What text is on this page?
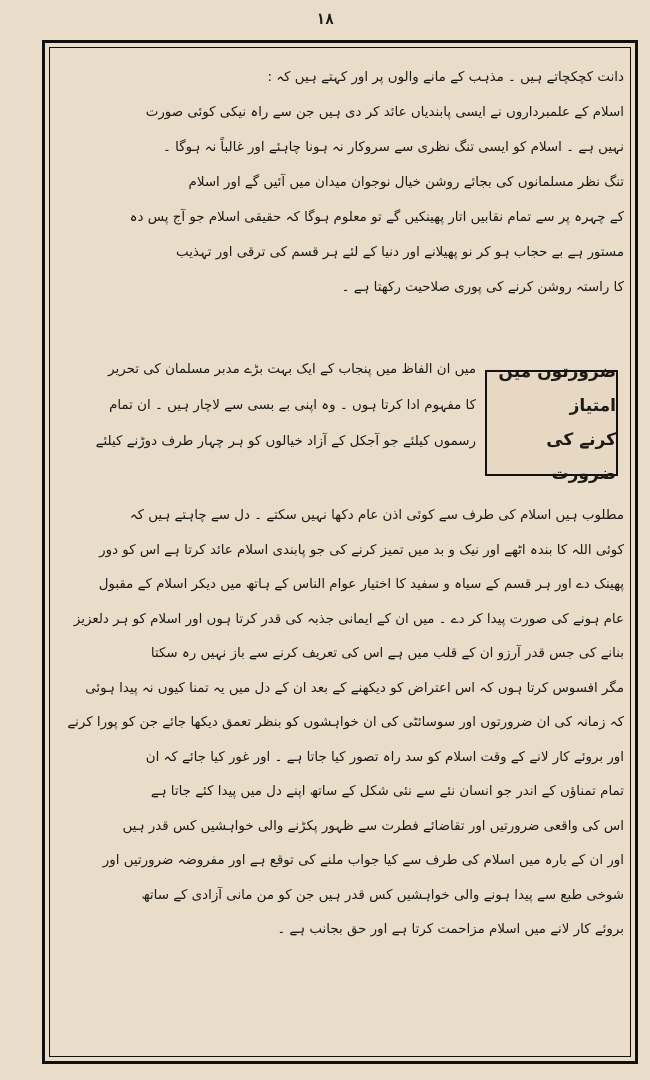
۱۸
دانت کچکچاتے ہیں ۔ مذہب کے مانے والوں پر اور کہتے ہیں کہ :
اسلام کے علمبرداروں نے ایسی پابندیاں عائد کر دی ہیں جن سے راہ نیکی کوئی صورت
نہیں ہے ۔ اسلام کو ایسی تنگ نظری سے سروکار نہ ہونا چاہئے اور غالباً نہ ہوگا ۔
تنگ نظر مسلمانوں کی بجائے روشن خیال نوجوان میدان میں آئیں گے اور اسلام
کے چہرہ پر سے تمام نقابیں اتار پھینکیں گے تو معلوم ہوگا کہ حقیقی اسلام جو آج پس دہ
مستور ہے بے حجاب ہو کر نو پھیلانے اور دنیا کے لئے ہر قسم کی ترقی اور تہذیب
کا راستہ روشن کرنے کی پوری صلاحیت رکھتا ہے ۔
ضرورتوں میں امتیاز
کرنے کی ضرورت
میں ان الفاظ میں پنجاب کے ایک بہت بڑے مدبر مسلمان کی تحریر
کا مفہوم ادا کرتا ہوں ۔ وہ اپنی بے بسی سے لاچار ہیں ۔ ان تمام
رسموں کیلئے جو آجکل کے آزاد خیالوں کو ہر چہار طرف دوڑنے کیلئے
مطلوب ہیں اسلام کی طرف سے کوئی اذن عام دکھا نہیں سکتے ۔ دل سے چاہتے ہیں کہ
کوئی اللہ کا بندہ اٹھے اور نیک و بد میں تمیز کرنے کی جو پابندی اسلام عائد کرتا ہے اس کو دور
پھینک دے اور ہر قسم کے سیاہ و سفید کا اختیار عوام الناس کے ہاتھ میں دیکر اسلام کے مقبول
عام ہونے کی صورت پیدا کر دے ۔ میں ان کے ایمانی جذبہ کی قدر کرتا ہوں اور اسلام کو ہر دلعزیز
بنانے کی جس قدر آرزو ان کے قلب میں ہے اس کی تعریف کرنے سے باز نہیں رہ سکتا
مگر افسوس کرتا ہوں کہ اس اعتراض کو دیکھنے کے بعد ان کے دل میں یہ تمنا کیوں نہ پیدا ہوئی
کہ زمانہ کی ان ضرورتوں اور سوسائٹی کی ان خواہشوں کو بنظر تعمق دیکھا جائے جن کو پورا کرنے
اور بروئے کار لانے کے وقت اسلام کو سد راہ تصور کیا جاتا ہے ۔ اور غور کیا جائے کہ ان
تمام تمناؤں کے اندر جو انسان نئے سے نئی شکل کے ساتھ اپنے دل میں پیدا کئے جاتا ہے
اس کی واقعی ضرورتیں اور تقاضائے فطرت سے ظہور پکڑنے والی خواہشیں کس قدر ہیں
اور ان کے بارہ میں اسلام کی طرف سے کیا جواب ملنے کی توقع ہے اور مفروضہ ضرورتیں اور
شوخی طبع سے پیدا ہونے والی خواہشیں کس قدر ہیں جن کو من مانی آزادی کے ساتھ
بروئے کار لانے میں اسلام مزاحمت کرتا ہے اور حق بجانب ہے ۔
